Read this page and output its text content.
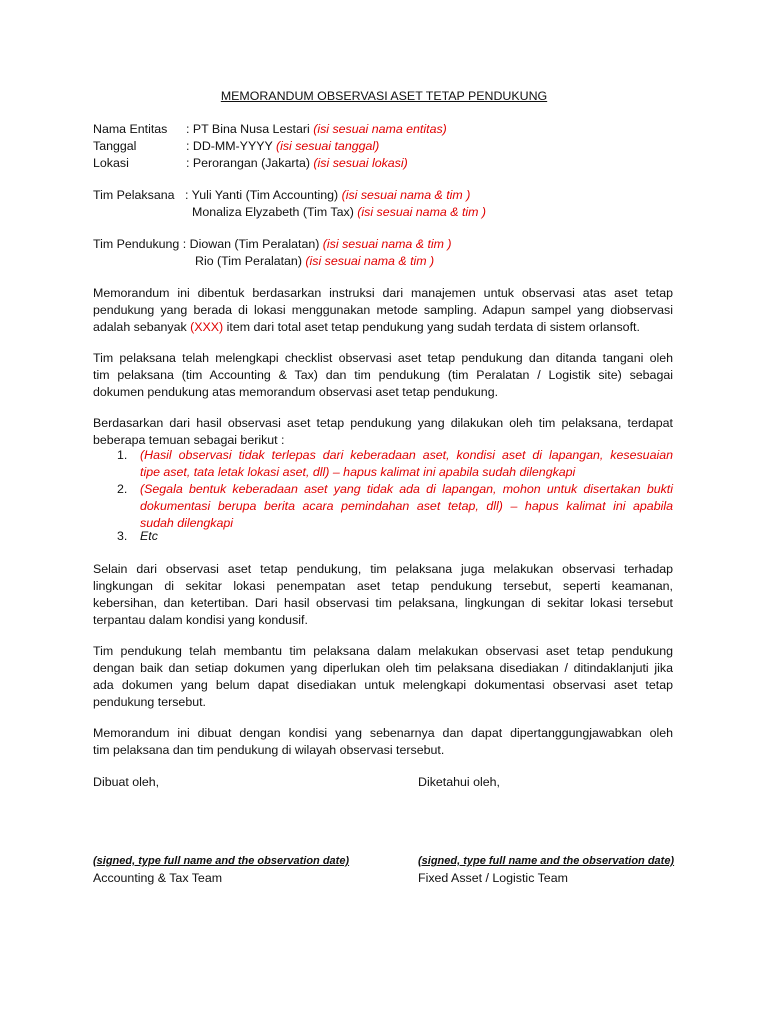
MEMORANDUM OBSERVASI ASET TETAP PENDUKUNG
Nama Entitas : PT Bina Nusa Lestari (isi sesuai nama entitas)
Tanggal	: DD-MM-YYYY (isi sesuai tanggal)
Lokasi	: Perorangan (Jakarta) (isi sesuai lokasi)
Tim Pelaksana : Yuli Yanti (Tim Accounting) (isi sesuai nama & tim )
Monaliza Elyzabeth (Tim Tax) (isi sesuai nama & tim )
Tim Pendukung : Diowan (Tim Peralatan) (isi sesuai nama & tim )
Rio (Tim Peralatan) (isi sesuai nama & tim )
Memorandum ini dibentuk berdasarkan instruksi dari manajemen untuk observasi atas aset tetap
pendukung yang berada di lokasi menggunakan metode sampling. Adapun sampel yang diobservasi
adalah sebanyak (XXX) item dari total aset tetap pendukung yang sudah terdata di sistem orlansoft.
Tim pelaksana telah melengkapi checklist observasi aset tetap pendukung dan ditanda tangani oleh
tim pelaksana (tim Accounting & Tax) dan tim pendukung (tim Peralatan / Logistik site) sebagai
dokumen pendukung atas memorandum observasi aset tetap pendukung.
Berdasarkan dari hasil observasi aset tetap pendukung yang dilakukan oleh tim pelaksana, terdapat
beberapa temuan sebagai berikut :
1. (Hasil observasi tidak terlepas dari keberadaan aset, kondisi aset di lapangan, kesesuaian
tipe aset, tata letak lokasi aset, dll) – hapus kalimat ini apabila sudah dilengkapi
2. (Segala bentuk keberadaan aset yang tidak ada di lapangan, mohon untuk disertakan bukti
dokumentasi berupa berita acara pemindahan aset tetap, dll) – hapus kalimat ini apabila
sudah dilengkapi
3. Etc
Selain dari observasi aset tetap pendukung, tim pelaksana juga melakukan observasi terhadap
lingkungan di sekitar lokasi penempatan aset tetap pendukung tersebut, seperti keamanan,
kebersihan, dan ketertiban. Dari hasil observasi tim pelaksana, lingkungan di sekitar lokasi tersebut
terpantau dalam kondisi yang kondusif.
Tim pendukung telah membantu tim pelaksana dalam melakukan observasi aset tetap pendukung
dengan baik dan setiap dokumen yang diperlukan oleh tim pelaksana disediakan / ditindaklanjuti jika
ada dokumen yang belum dapat disediakan untuk melengkapi dokumentasi observasi aset tetap
pendukung tersebut.
Memorandum ini dibuat dengan kondisi yang sebenarnya dan dapat dipertanggungjawabkan oleh
tim pelaksana dan tim pendukung di wilayah observasi tersebut.
Dibuat oleh,	Diketahui oleh,
(signed, type full name and the observation date)	(signed, type full name and the observation date)
Accounting & Tax Team	Fixed Asset / Logistic Team
